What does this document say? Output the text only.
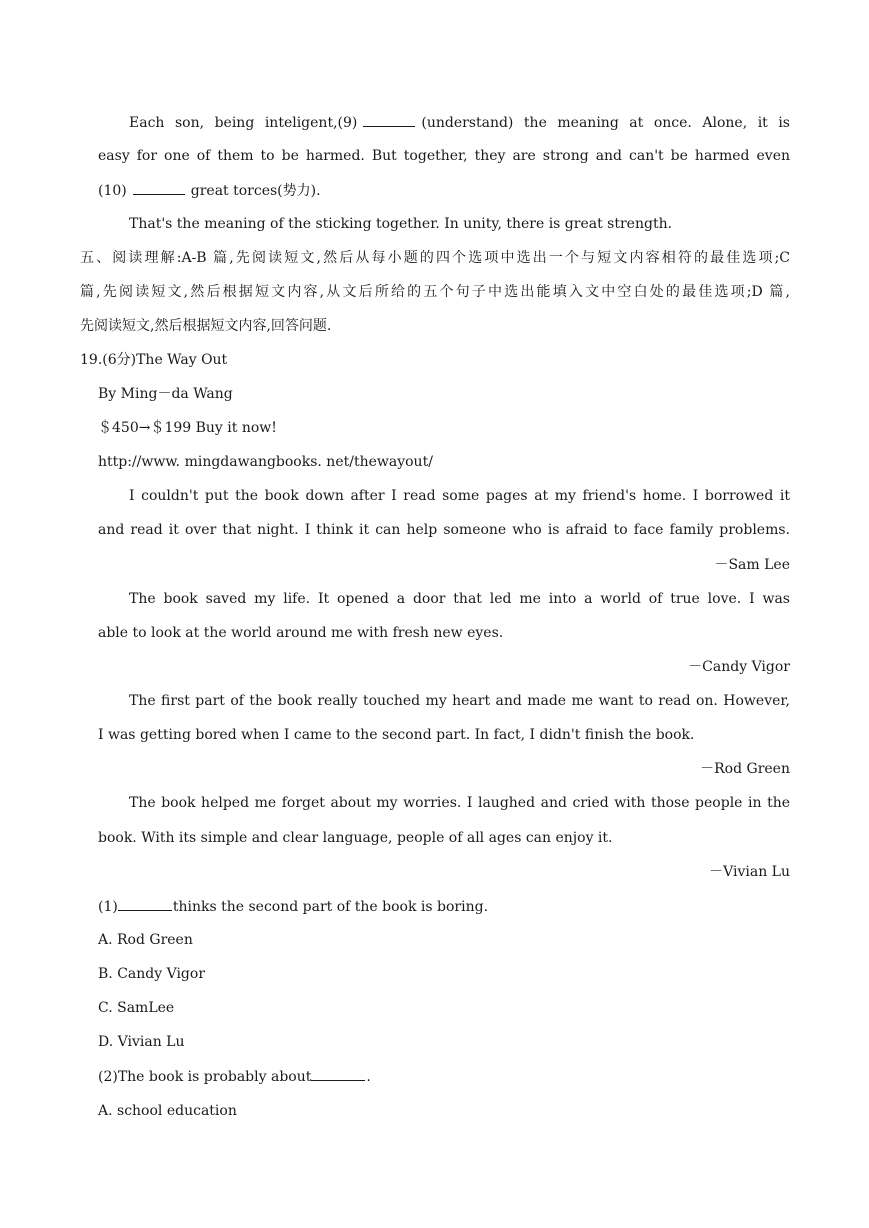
Each son, being inteligent,(9)	(understand) the meaning at once. Alone, it is
easy for one of them to be harmed. But together, they are strong and can't be harmed even
(10)	great torces(势力).
That's the meaning of the sticking together. In unity, there is great strength.
五、阅读理解:A-B 篇,先阅读短文,然后从每小题的四个选项中选出一个与短文内容相符的最佳选项;C
篇,先阅读短文,然后根据短文内容,从文后所给的五个句子中选出能填入文中空白处的最佳选项;D 篇,
先阅读短文,然后根据短文内容,回答问题.
19.(6分)The Way Out
By Ming－da Wang
＄450→＄199 Buy it now!
http://www. mingdawangbooks. net/thewayout/
I couldn't put the book down after I read some pages at my friend's home. I borrowed it
and read it over that night. I think it can help someone who is afraid to face family problems.
－Sam Lee
The book saved my life. It opened a door that led me into a world of true love. I was
able to look at the world around me with fresh new eyes.
－Candy Vigor
The first part of the book really touched my heart and made me want to read on. However,
I was getting bored when I came to the second part. In fact, I didn't finish the book.
－Rod Green
The book helped me forget about my worries. I laughed and cried with those people in the
book. With its simple and clear language, people of all ages can enjoy it.
－Vivian Lu
(1)	thinks the second part of the book is boring.
A. Rod Green
B. Candy Vigor
C. SamLee
D. Vivian Lu
(2)The book is probably about	.
A. school education
